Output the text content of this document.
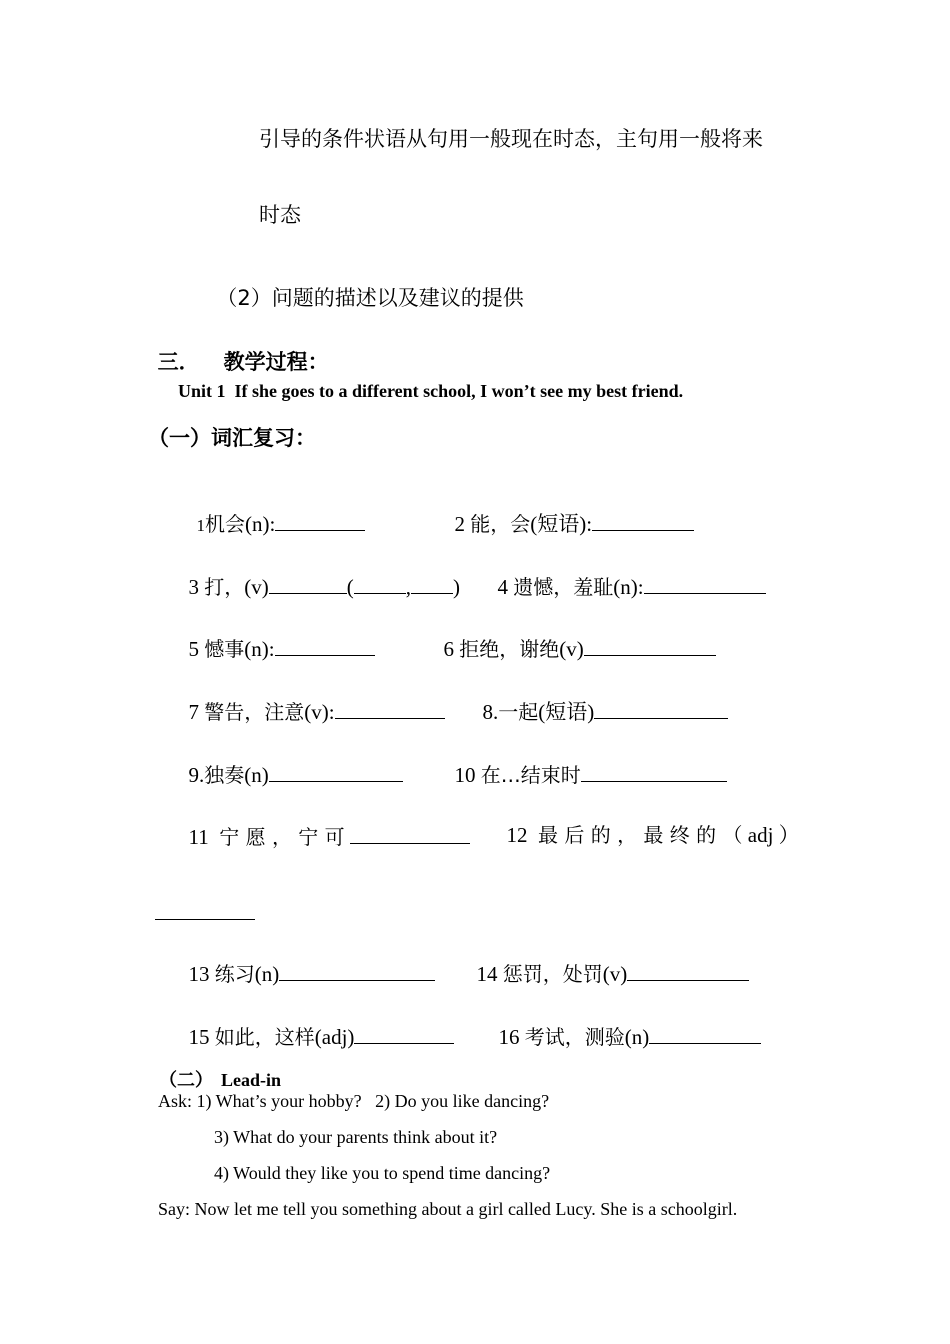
引导的条件状语从句用一般现在时态，主句用一般将来
时态

（2）问题的描述以及建议的提供

三． 教学过程：

Unit 1  If she goes to a different school, I won’t see my best friend.
（一）词汇复习：

1机会(n):	2 能，会(短语):

3 打，(v)	( , )	4 遗憾，羞耻(n):

5 憾事(n):	6 拒绝，谢绝(v)

7 警告，注意(v):	8.一起(短语)

9.独奏(n)	10 在…结束时

11 宁 愿 ， 宁 可	12 最 后 的 ， 最 终 的 （ adj ）

13 练习(n)	14 惩罚，处罚(v)

15 如此，这样(adj)	16 考试，测验(n)

（二） Lead-in

Ask: 1) What’s your hobby?   2) Do you like dancing?
3) What do your parents think about it?
4) Would they like you to spend time dancing?
Say: Now let me tell you something about a girl called Lucy. She is a schoolgirl.
